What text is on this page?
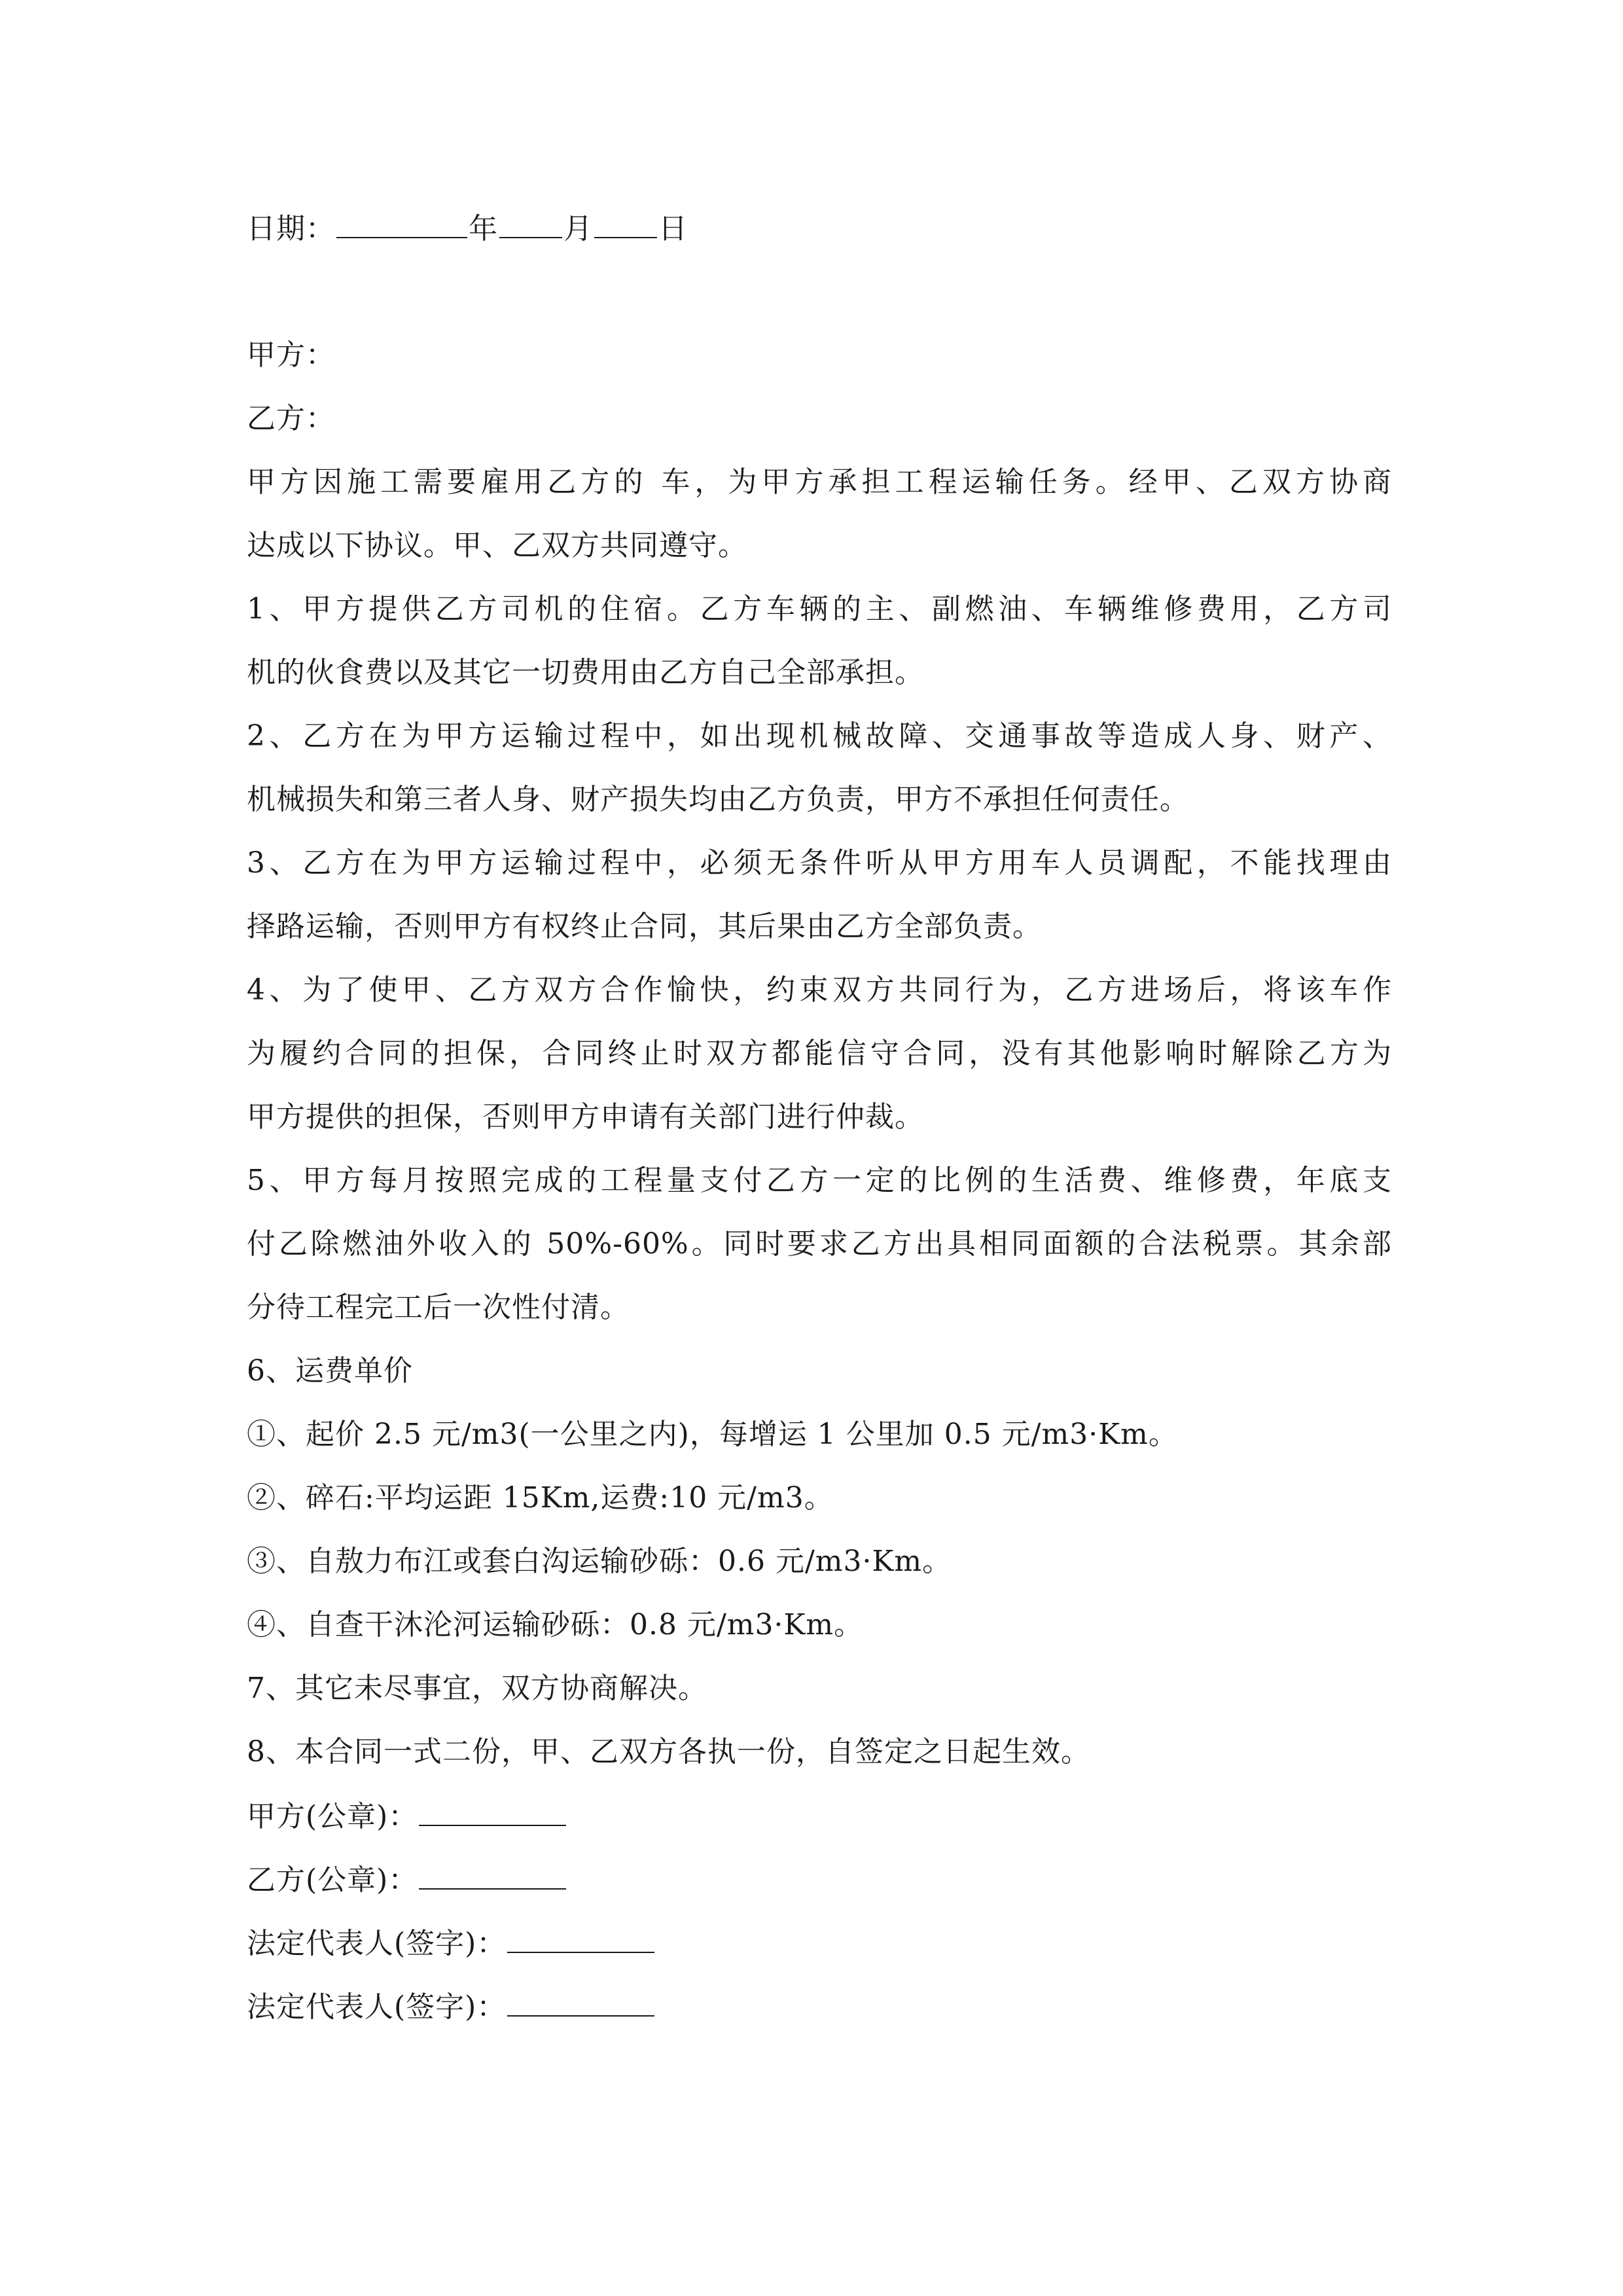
日期：	年 月 日
甲方：
乙方：
甲方因施工需要雇用乙方的 车，为甲方承担工程运输任务。经甲、乙双方协商
达成以下协议。甲、乙双方共同遵守。
1、甲方提供乙方司机的住宿。乙方车辆的主、副燃油、车辆维修费用，乙方司
机的伙食费以及其它一切费用由乙方自己全部承担。
2、乙方在为甲方运输过程中，如出现机械故障、交通事故等造成人身、财产、
机械损失和第三者人身、财产损失均由乙方负责，甲方不承担任何责任。
3、乙方在为甲方运输过程中，必须无条件听从甲方用车人员调配，不能找理由
择路运输，否则甲方有权终止合同，其后果由乙方全部负责。
4、为了使甲、乙方双方合作愉快，约束双方共同行为，乙方进场后，将该车作
为履约合同的担保，合同终止时双方都能信守合同，没有其他影响时解除乙方为
甲方提供的担保，否则甲方申请有关部门进行仲裁。
5、甲方每月按照完成的工程量支付乙方一定的比例的生活费、维修费，年底支
付乙除燃油外收入的 50%-60%。同时要求乙方出具相同面额的合法税票。其余部
分待工程完工后一次性付清。
6、运费单价
①、起价 2.5 元/m3(一公里之内)，每增运 1 公里加 0.5 元/m3·Km。
②、碎石:平均运距 15Km,运费:10 元/m3。
③、自敖力布江或套白沟运输砂砾：0.6 元/m3·Km。
④、自查干沐沦河运输砂砾：0.8 元/m3·Km。
7、其它未尽事宜，双方协商解决。
8、本合同一式二份，甲、乙双方各执一份，自签定之日起生效。
甲方(公章)：
乙方(公章)：
法定代表人(签字)：
法定代表人(签字)：
